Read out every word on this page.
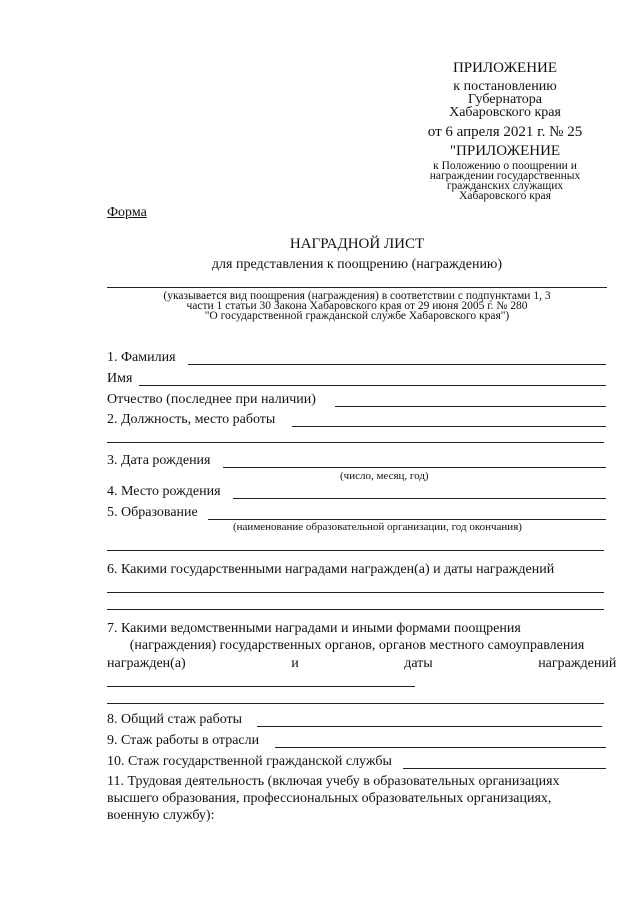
ПРИЛОЖЕНИЕ
к постановлению
Губернатора
Хабаровского края
от 6 апреля 2021 г. № 25
"ПРИЛОЖЕНИЕ
к Положению о поощрении и
награждении государственных
гражданских служащих
Хабаровского края
Форма
НАГРАДНОЙ ЛИСТ
для представления к поощрению (награждению)
(указывается вид поощрения (награждения) в соответствии с подпунктами 1, 3
части 1 статьи 30 Закона Хабаровского края от 29 июня 2005 г. № 280
"О государственной гражданской службе Хабаровского края")
1. Фамилия
Имя
Отчество (последнее при наличии)
2. Должность, место работы
3. Дата рождения
(число, месяц, год)
4. Место рождения
5. Образование
(наименование образовательной организации, год окончания)
6. Какими государственными наградами награжден(а) и даты награждений
7. Какими ведомственными наградами и иными формами поощрения
(награждения) государственных органов, органов местного самоуправления
награжден(а) и даты награждений
8. Общий стаж работы
9. Стаж работы в отрасли
10. Стаж государственной гражданской службы
11. Трудовая деятельность (включая учебу в образовательных организациях
высшего образования, профессиональных образовательных организациях,
военную службу):
